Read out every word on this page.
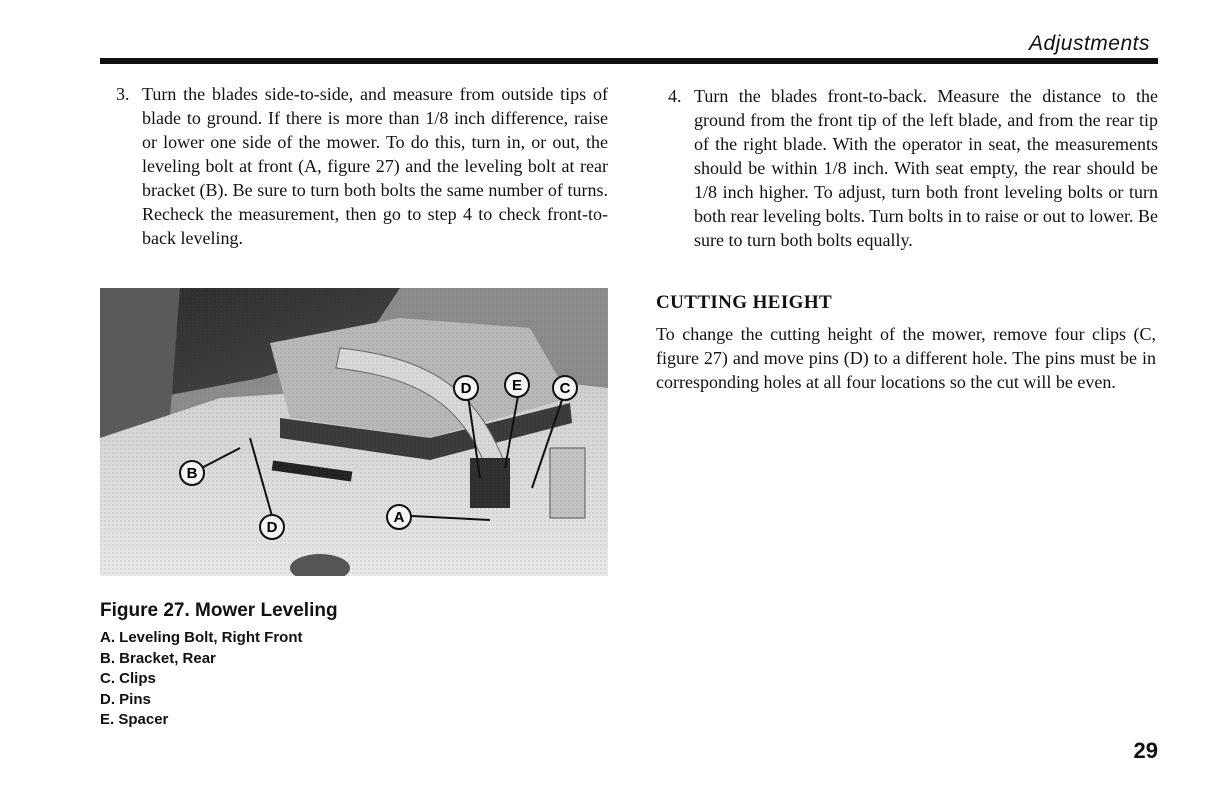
Adjustments
3. Turn the blades side-to-side, and measure from outside tips of blade to ground. If there is more than 1/8 inch difference, raise or lower one side of the mower. To do this, turn in, or out, the leveling bolt at front (A, figure 27) and the leveling bolt at rear bracket (B). Be sure to turn both bolts the same number of turns. Recheck the measurement, then go to step 4 to check front-to-back leveling.
4. Turn the blades front-to-back. Measure the distance to the ground from the front tip of the left blade, and from the rear tip of the right blade. With the operator in seat, the measurements should be within 1/8 inch. With seat empty, the rear should be 1/8 inch higher. To adjust, turn both front leveling bolts or turn both rear leveling bolts. Turn bolts in to raise or out to lower. Be sure to turn both bolts equally.
CUTTING HEIGHT
To change the cutting height of the mower, remove four clips (C, figure 27) and move pins (D) to a different hole. The pins must be in corresponding holes at all four locations so the cut will be even.
B
D
A
D	E	C
Figure 27. Mower Leveling
A. Leveling Bolt, Right Front
B. Bracket, Rear
C. Clips
D. Pins
E. Spacer
29
